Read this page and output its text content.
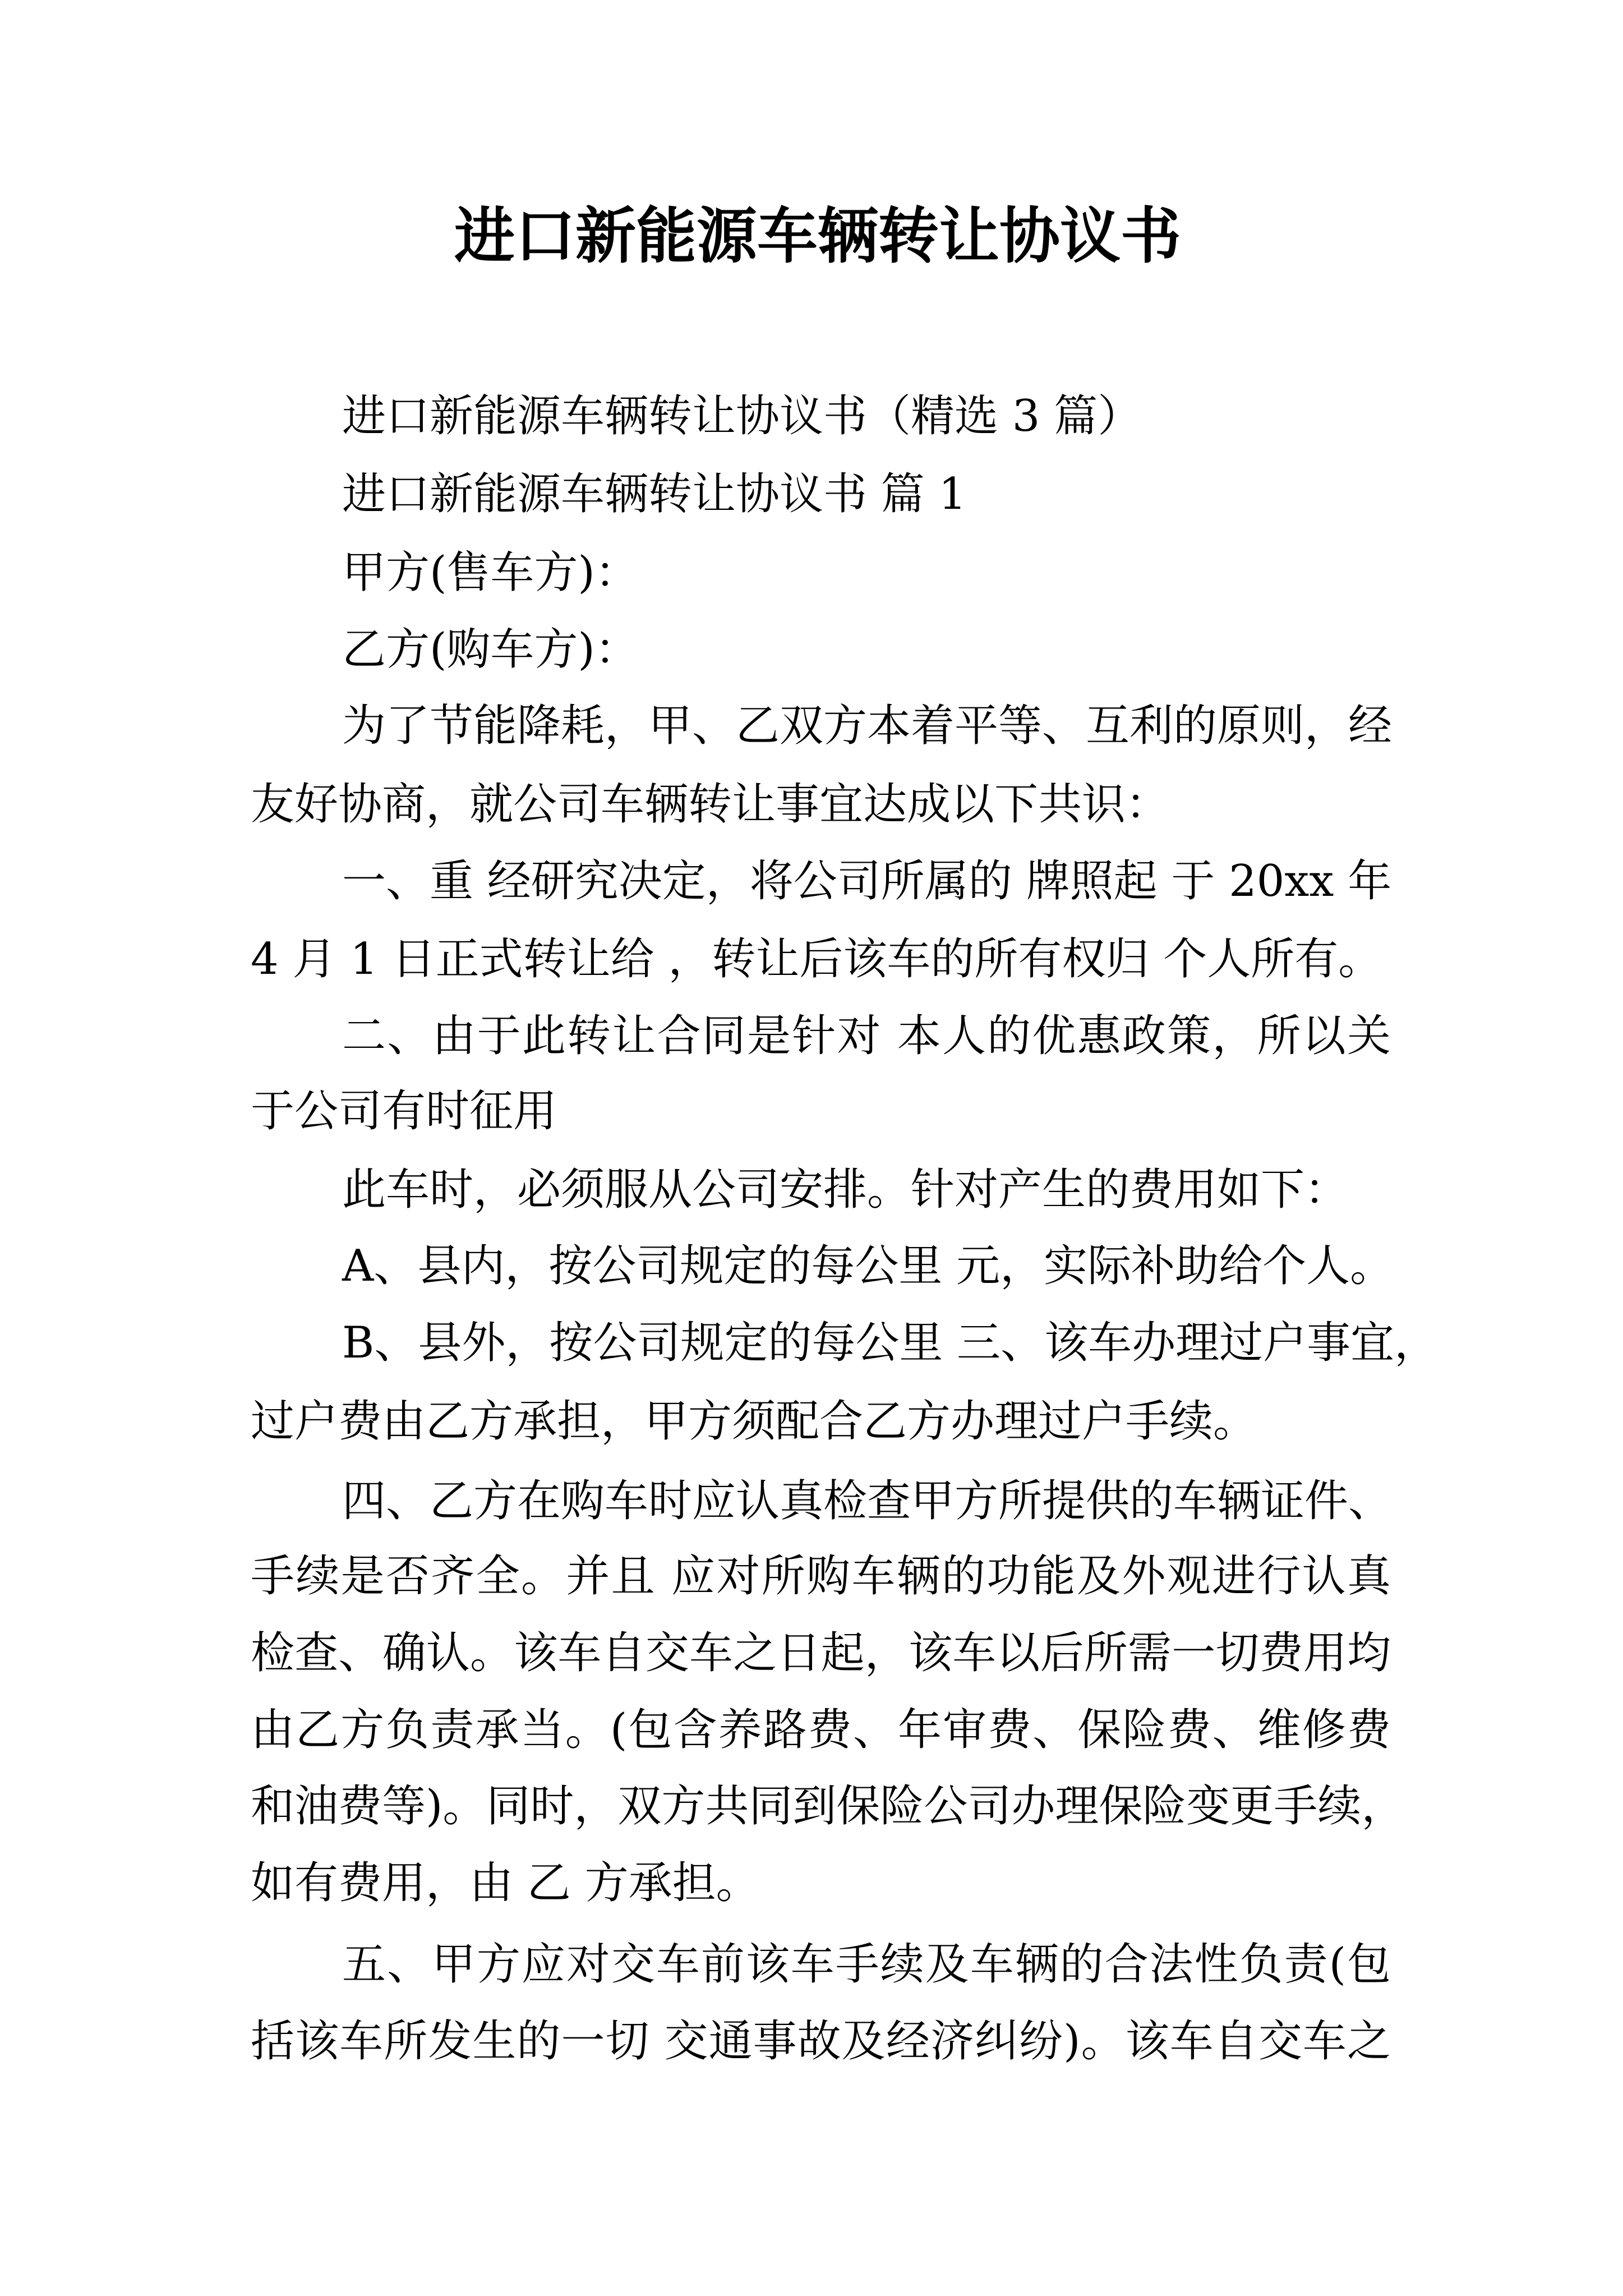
进口新能源车辆转让协议书
进口新能源车辆转让协议书（精选 3 篇）
进口新能源车辆转让协议书 篇 1
甲方(售车方)：
乙方(购车方)：
为了节能降耗，甲、乙双方本着平等、互利的原则，经
友好协商，就公司车辆转让事宜达成以下共识：
一、重 经研究决定，将公司所属的 牌照起 于 20xx 年
4 月 1 日正式转让给 ，转让后该车的所有权归 个人所有。
二、由于此转让合同是针对 本人的优惠政策，所以关
于公司有时征用
此车时，必须服从公司安排。针对产生的费用如下：
A、县内，按公司规定的每公里 元，实际补助给个人。
B、县外，按公司规定的每公里 三、该车办理过户事宜，
过户费由乙方承担，甲方须配合乙方办理过户手续。
四、乙方在购车时应认真检查甲方所提供的车辆证件、
手续是否齐全。并且 应对所购车辆的功能及外观进行认真
检查、确认。该车自交车之日起，该车以后所需一切费用均
由乙方负责承当。(包含养路费、年审费、保险费、维修费
和油费等)。同时，双方共同到保险公司办理保险变更手续，
如有费用，由 乙 方承担。
五、甲方应对交车前该车手续及车辆的合法性负责(包
括该车所发生的一切 交通事故及经济纠纷)。该车自交车之
